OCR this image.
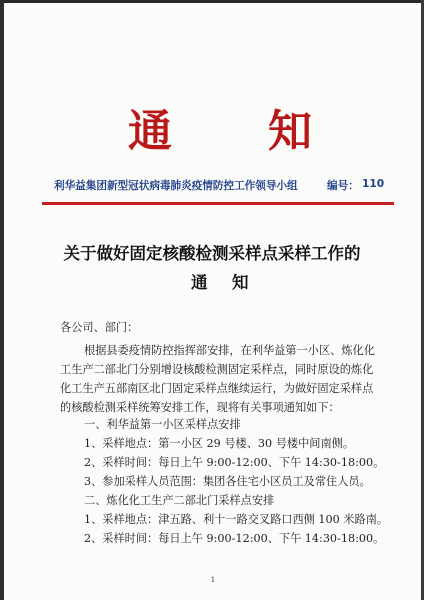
通 知
利华益集团新型冠状病毒肺炎疫情防控工作领导小组	编号： 110
关于做好固定核酸检测采样点采样工作的
通 知
各公司、部门：
根据县委疫情防控指挥部安排，在利华益第一小区、炼化化
工生产二部北门分别增设核酸检测固定采样点，同时原设的炼化
化工生产五部南区北门固定采样点继续运行，为做好固定采样点
的核酸检测采样统筹安排工作，现将有关事项通知如下：
一、利华益第一小区采样点安排
1、采样地点：第一小区 29 号楼、30 号楼中间南侧。
2、采样时间：每日上午 9:00-12:00、下午 14:30-18:00。
3、参加采样人员范围：集团各住宅小区员工及常住人员。
二、炼化化工生产二部北门采样点安排
1、采样地点：津五路、利十一路交叉路口西侧 100 米路南。
2、采样时间：每日上午 9:00-12:00、下午 14:30-18:00。
1
